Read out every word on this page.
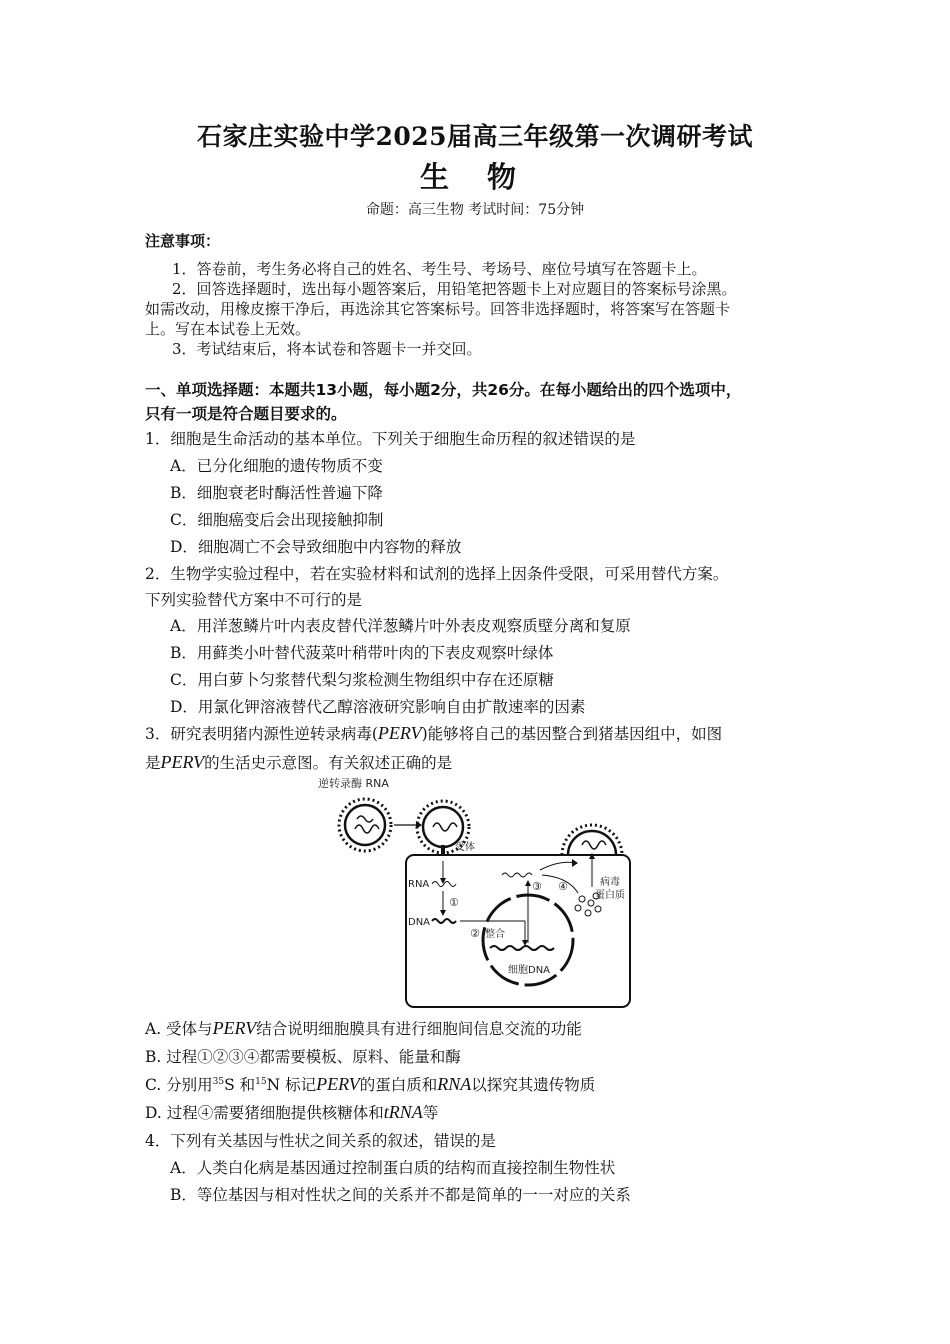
石家庄实验中学2025届高三年级第一次调研考试
生 物
命题：高三生物 考试时间：75分钟
注意事项：
1．答卷前，考生务必将自己的姓名、考生号、考场号、座位号填写在答题卡上。
2．回答选择题时，选出每小题答案后，用铅笔把答题卡上对应题目的答案标号涂黑。
如需改动，用橡皮擦干净后，再选涂其它答案标号。回答非选择题时，将答案写在答题卡
上。写在本试卷上无效。
3．考试结束后，将本试卷和答题卡一并交回。
一、单项选择题：本题共13小题，每小题2分，共26分。在每小题给出的四个选项中，
只有一项是符合题目要求的。
1．细胞是生命活动的基本单位。下列关于细胞生命历程的叙述错误的是
A．已分化细胞的遗传物质不变
B．细胞衰老时酶活性普遍下降
C．细胞癌变后会出现接触抑制
D．细胞凋亡不会导致细胞中内容物的释放
2．生物学实验过程中，若在实验材料和试剂的选择上因条件受限，可采用替代方案。
下列实验替代方案中不可行的是
A．用洋葱鳞片叶内表皮替代洋葱鳞片叶外表皮观察质壁分离和复原
B．用藓类小叶替代菠菜叶稍带叶肉的下表皮观察叶绿体
C．用白萝卜匀浆替代梨匀浆检测生物组织中存在还原糖
D．用氯化钾溶液替代乙醇溶液研究影响自由扩散速率的因素
3．研究表明猪内源性逆转录病毒(PERV)能够将自己的基因整合到猪基因组中，如图
是PERV的生活史示意图。有关叙述正确的是
逆转录酶 RNA
受体
RNA
①
DNA
② 整合
细胞DNA
③ ④	病毒
蛋白质
A. 受体与PERV结合说明细胞膜具有进行细胞间信息交流的功能
B. 过程①②③④都需要模板、原料、能量和酶
C. 分别用$^{35}$S 和$^{15}$N 标记PERV的蛋白质和RNA以探究其遗传物质
D. 过程④需要猪细胞提供核糖体和tRNA等
4．下列有关基因与性状之间关系的叙述，错误的是
A．人类白化病是基因通过控制蛋白质的结构而直接控制生物性状
B．等位基因与相对性状之间的关系并不都是简单的一一对应的关系
